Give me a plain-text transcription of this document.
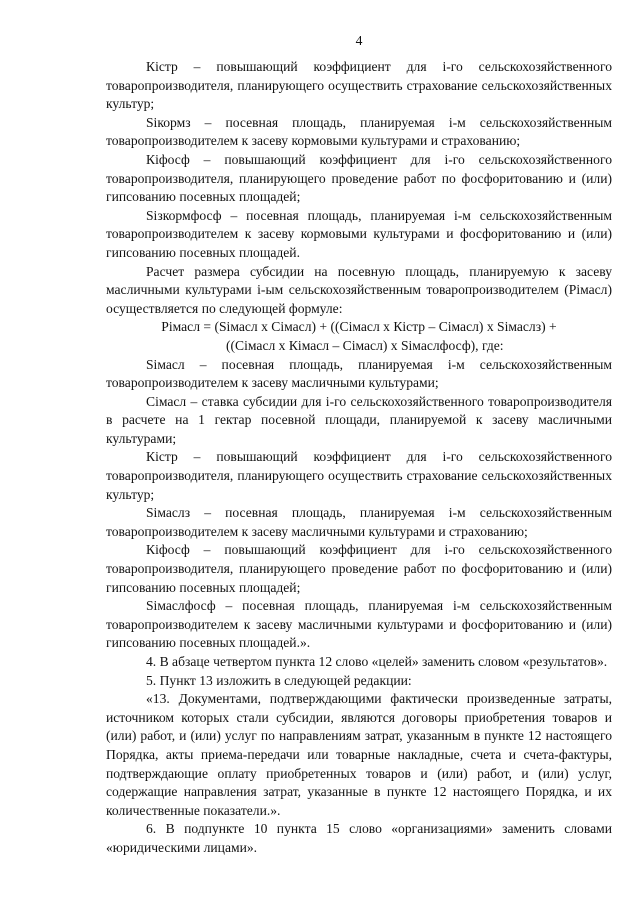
4

Кiстр – повышающий коэффициент для i-го сельскохозяйственного товаропроизводителя, планирующего осуществить страхование сельскохозяйственных культур;

Sікормз – посевная площадь, планируемая i-м сельскохозяйственным товаропроизводителем к засеву кормовыми культурами и страхованию;

Кiфосф – повышающий коэффициент для i-го сельскохозяйственного товаропроизводителя, планирующего проведение работ по фосфоритованию и (или) гипсованию посевных площадей;

Sізкормфосф – посевная площадь, планируемая i-м сельскохозяйственным товаропроизводителем к засеву кормовыми культурами и фосфоритованию и (или) гипсованию посевных площадей.

Расчет размера субсидии на посевную площадь, планируемую к засеву масличными культурами i-ым сельскохозяйственным товаропроизводителем (Pімасл) осуществляется по следующей формуле:

Pімасл = (Sімасл х Cімасл) + ((Cімасл х Кiстр – Cімасл) х Sімаслз) +

((Cімасл х Кiмасл – Cімасл) х Sімаслфосф), где:

Sімасл – посевная площадь, планируемая i-м сельскохозяйственным товаропроизводителем к засеву масличными культурами;

Cімасл – ставка субсидии для i-го сельскохозяйственного товаропроизводителя в расчете на 1 гектар посевной площади, планируемой к засеву масличными культурами;

Кiстр – повышающий коэффициент для i-го сельскохозяйственного товаропроизводителя, планирующего осуществить страхование сельскохозяйственных культур;

Sімаслз – посевная площадь, планируемая i-м сельскохозяйственным товаропроизводителем к засеву масличными культурами и страхованию;

Кiфосф – повышающий коэффициент для i-го сельскохозяйственного товаропроизводителя, планирующего проведение работ по фосфоритованию и (или) гипсованию посевных площадей;

Sімаслфосф – посевная площадь, планируемая i-м сельскохозяйственным товаропроизводителем к засеву масличными культурами и фосфоритованию и (или) гипсованию посевных площадей.».

4. В абзаце четвертом пункта 12 слово «целей» заменить словом «результатов».

5. Пункт 13 изложить в следующей редакции:

«13. Документами, подтверждающими фактически произведенные затраты, источником которых стали субсидии, являются договоры приобретения товаров и (или) работ, и (или) услуг по направлениям затрат, указанным в пункте 12 настоящего Порядка, акты приема-передачи или товарные накладные, счета и счета-фактуры, подтверждающие оплату приобретенных товаров и (или) работ, и (или) услуг, содержащие направления затрат, указанные в пункте 12 настоящего Порядка, и их количественные показатели.».

6. В подпункте 10 пункта 15 слово «организациями» заменить словами «юридическими лицами».
